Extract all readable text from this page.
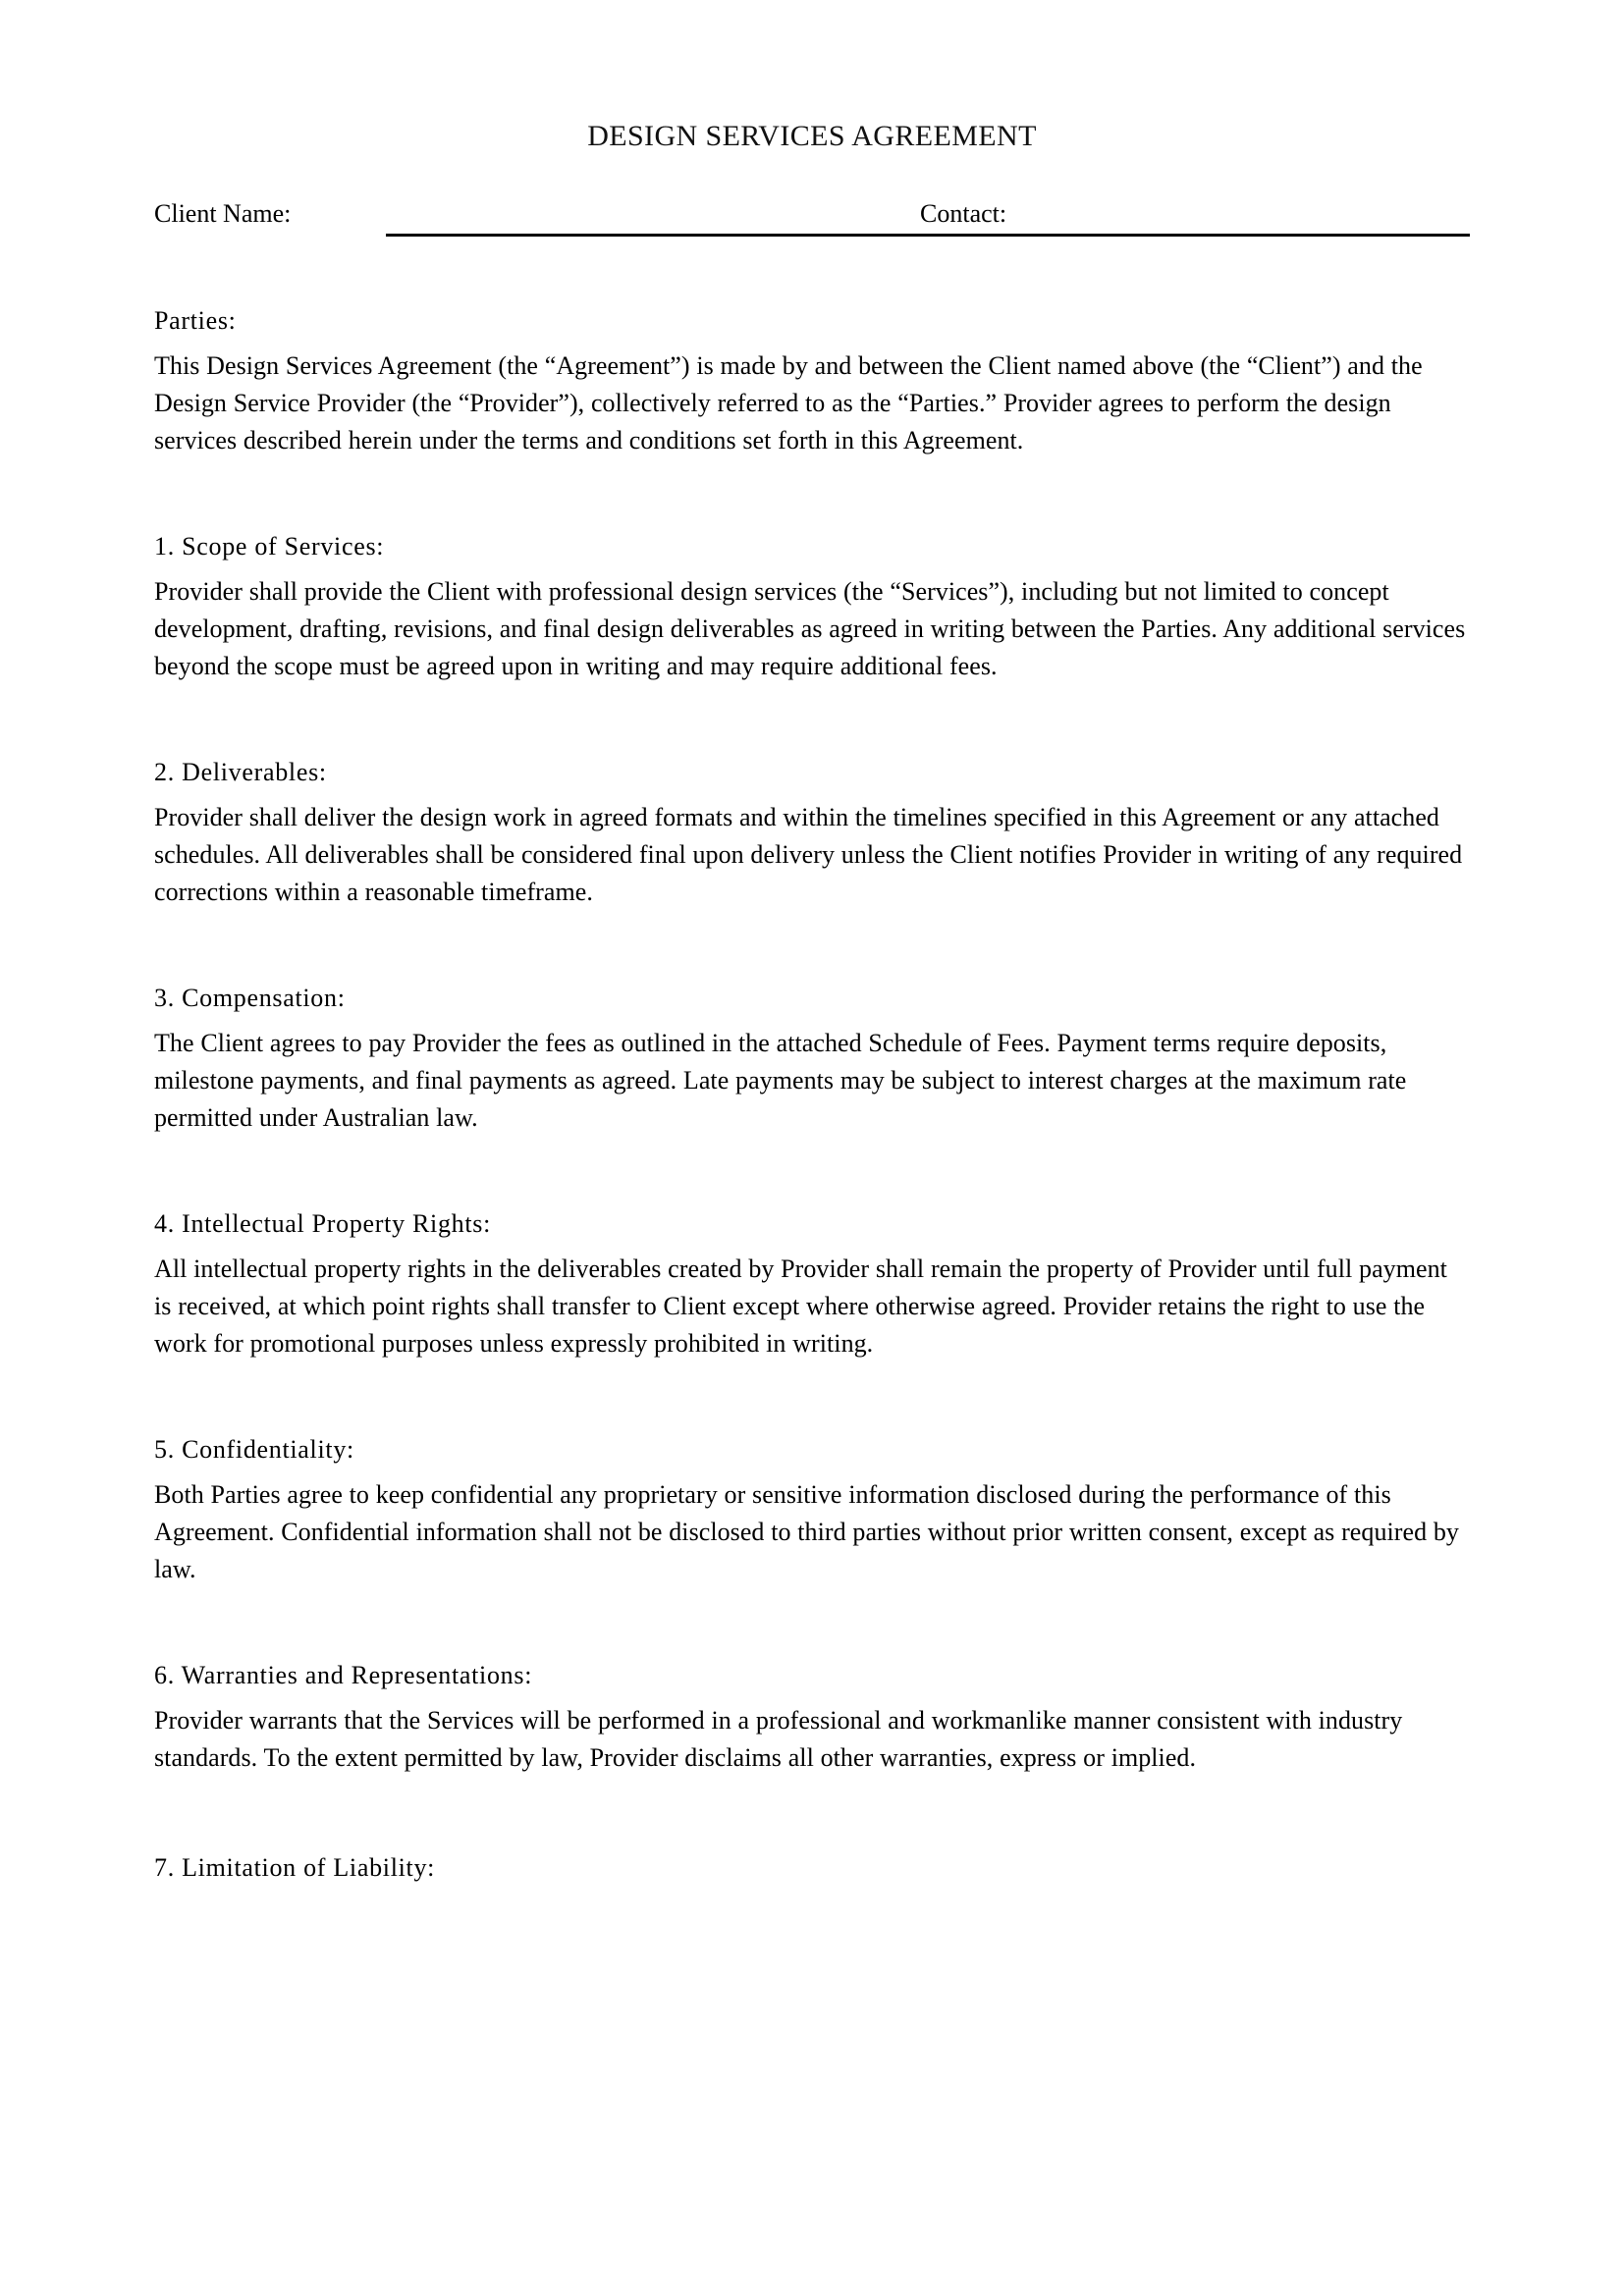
DESIGN SERVICES AGREEMENT
Client Name:	Contact:

Parties:

This Design Services Agreement (the “Agreement”) is made by and between the Client named above (the “Client”) and the Design Service Provider (the “Provider”), collectively referred to as the “Parties.” Provider agrees to perform the design services described herein under the terms and conditions set forth in this Agreement.

1. Scope of Services:

Provider shall provide the Client with professional design services (the “Services”), including but not limited to concept development, drafting, revisions, and final design deliverables as agreed in writing between the Parties. Any additional services beyond the scope must be agreed upon in writing and may require additional fees.

2. Deliverables:

Provider shall deliver the design work in agreed formats and within the timelines specified in this Agreement or any attached schedules. All deliverables shall be considered final upon delivery unless the Client notifies Provider in writing of any required corrections within a reasonable timeframe.

3. Compensation:

The Client agrees to pay Provider the fees as outlined in the attached Schedule of Fees. Payment terms require deposits, milestone payments, and final payments as agreed. Late payments may be subject to interest charges at the maximum rate permitted under Australian law.

4. Intellectual Property Rights:

All intellectual property rights in the deliverables created by Provider shall remain the property of Provider until full payment is received, at which point rights shall transfer to Client except where otherwise agreed. Provider retains the right to use the work for promotional purposes unless expressly prohibited in writing.

5. Confidentiality:

Both Parties agree to keep confidential any proprietary or sensitive information disclosed during the performance of this Agreement. Confidential information shall not be disclosed to third parties without prior written consent, except as required by law.

6. Warranties and Representations:

Provider warrants that the Services will be performed in a professional and workmanlike manner consistent with industry standards. To the extent permitted by law, Provider disclaims all other warranties, express or implied.

7. Limitation of Liability:
